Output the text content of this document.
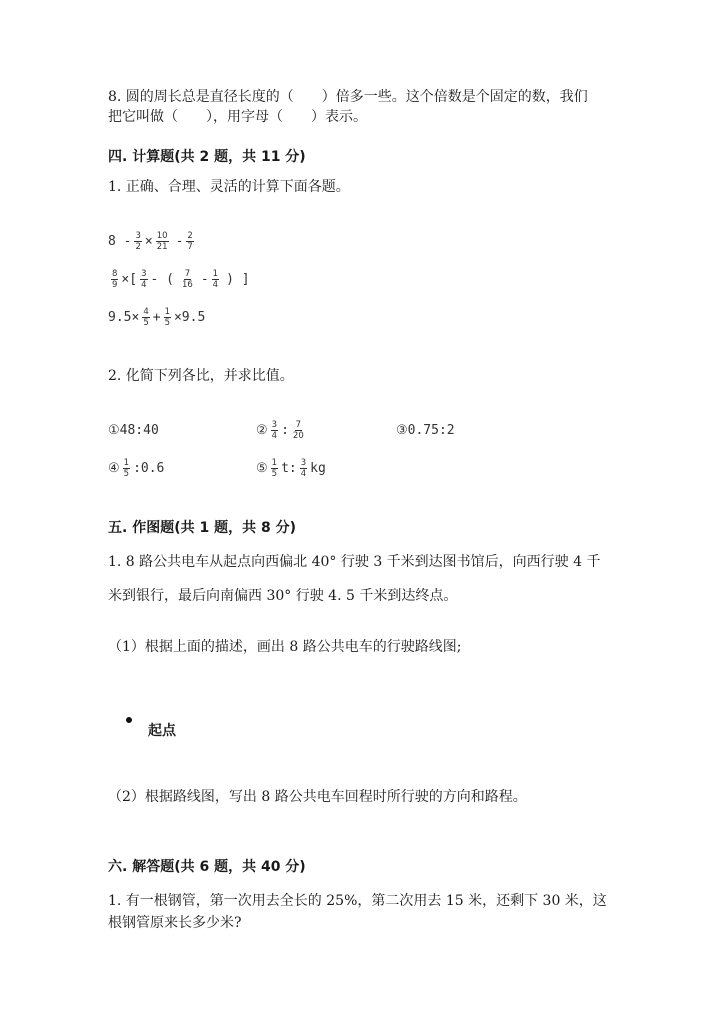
8. 圆的周长总是直径长度的（　　）倍多一些。这个倍数是个固定的数，我们
把它叫做（　　），用字母（　　）表示。
四. 计算题(共 2 题，共 11 分)
1. 正确、合理、灵活的计算下面各题。
$8 - \frac{3}{2} \times \frac{10}{21} - \frac{2}{7}$
$\frac{8}{9}$ ×[ $\frac{3}{4}$ - ( $\frac{7}{16} - \frac{1}{4}$ ) ]
$9.5\times \frac{4}{5} + \frac{1}{5} \times 9.5$
2. 化简下列各比，并求比值。
①48:40	② $\frac{3}{4}$ : $\frac{7}{20}$	③0.75:2
④ $\frac{1}{5}$ :0.6	⑤ $\frac{1}{5} t$: $\frac{3}{4}$ kg
五. 作图题(共 1 题，共 8 分)
1. 8 路公共电车从起点向西偏北 40° 行驶 3 千米到达图书馆后，向西行驶 4 千
米到银行，最后向南偏西 30° 行驶 4. 5 千米到达终点。
（1）根据上面的描述，画出 8 路公共电车的行驶路线图;
起点
（2）根据路线图，写出 8 路公共电车回程时所行驶的方向和路程。
六. 解答题(共 6 题，共 40 分)
1. 有一根钢管，第一次用去全长的 25%，第二次用去 15 米，还剩下 30 米，这
根钢管原来长多少米?
